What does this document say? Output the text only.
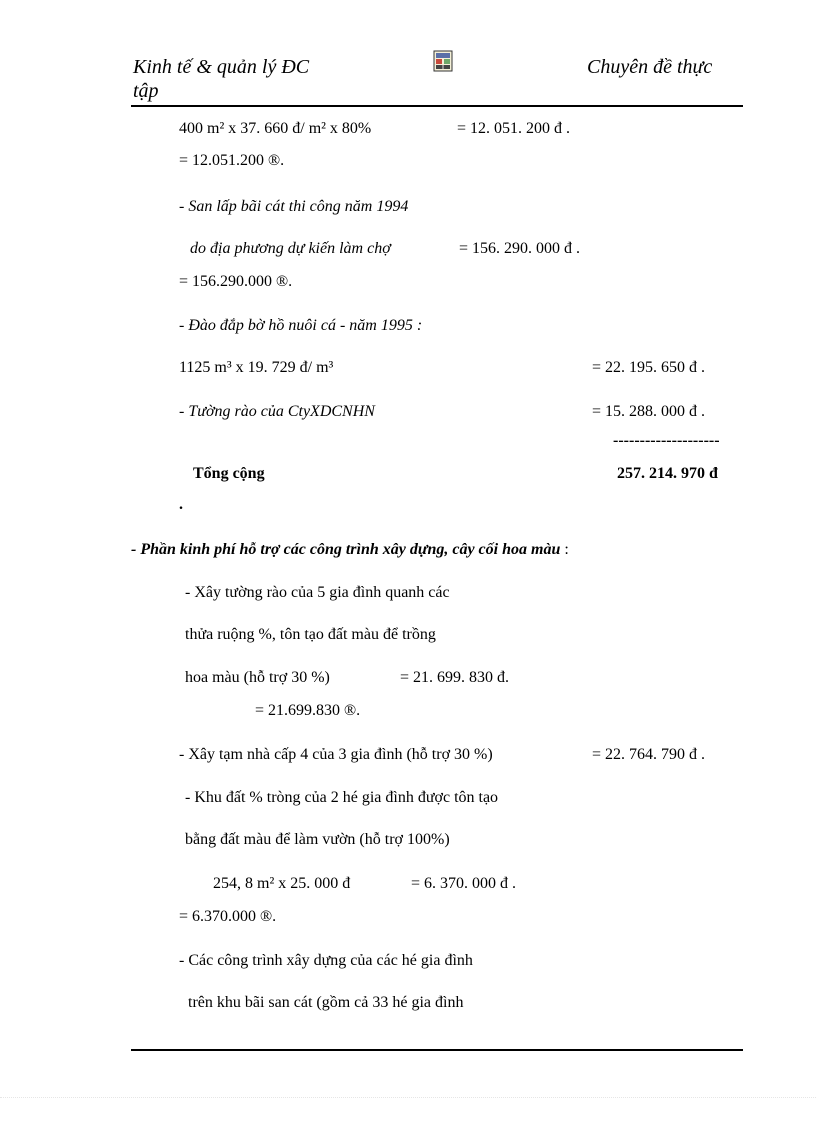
Kinh tế & quản lý ĐC
tập
Chuyên đề thực
400 m² x 37. 660 đ/ m² x 80%	= 12. 051. 200 đ .
= 12.051.200 ®.
- San lấp bãi cát thi công năm 1994
do địa phương dự kiến làm chợ	= 156. 290. 000 đ .
= 156.290.000 ®.
- Đào đắp bờ hồ nuôi cá - năm 1995 :
1125 m³ x 19. 729 đ/ m³	= 22. 195. 650 đ .
- Tường rào của CtyXDCNHN	= 15. 288. 000 đ .
--------------------
Tổng cộng	257. 214. 970 đ
.
- Phần kinh phí hỗ trợ các công trình xây dựng, cây cối hoa màu :
- Xây tường rào của 5 gia đình quanh các
thửa ruộng %, tôn tạo đất màu để trồng
hoa màu (hỗ trợ 30 %)	= 21. 699. 830 đ.
= 21.699.830 ®.
- Xây tạm nhà cấp 4 của 3 gia đình (hỗ trợ 30 %)	= 22. 764. 790 đ .
- Khu đất % tròng của 2 hé gia đình được tôn tạo
bằng đất màu để làm vườn (hỗ trợ 100%)
254, 8 m² x 25. 000 đ	= 6. 370. 000 đ .
= 6.370.000 ®.
- Các công trình xây dựng của các hé gia đình
trên khu bãi san cát (gồm cả 33 hé gia đình
